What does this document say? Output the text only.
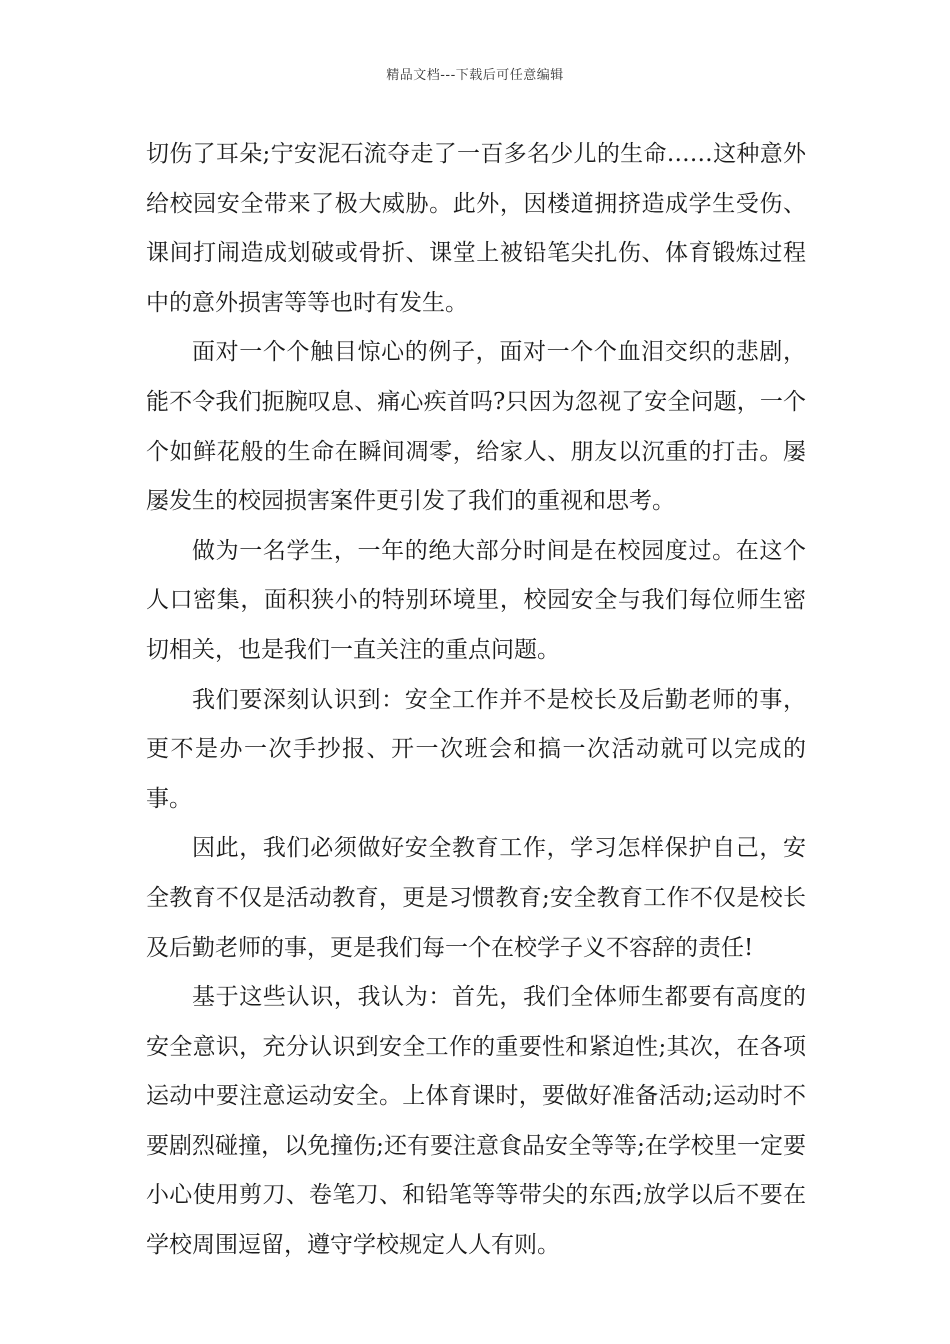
精品文档---下载后可任意编辑

切伤了耳朵;宁安泥石流夺走了一百多名少儿的生命……这种意外给校园安全带来了极大威胁。此外，因楼道拥挤造成学生受伤、课间打闹造成划破或骨折、课堂上被铅笔尖扎伤、体育锻炼过程中的意外损害等等也时有发生。

面对一个个触目惊心的例子，面对一个个血泪交织的悲剧，能不令我们扼腕叹息、痛心疾首吗?只因为忽视了安全问题，一个个如鲜花般的生命在瞬间凋零，给家人、朋友以沉重的打击。屡屡发生的校园损害案件更引发了我们的重视和思考。

做为一名学生，一年的绝大部分时间是在校园度过。在这个人口密集，面积狭小的特别环境里，校园安全与我们每位师生密切相关，也是我们一直关注的重点问题。

我们要深刻认识到：安全工作并不是校长及后勤老师的事，更不是办一次手抄报、开一次班会和搞一次活动就可以完成的事。

因此，我们必须做好安全教育工作，学习怎样保护自己，安全教育不仅是活动教育，更是习惯教育;安全教育工作不仅是校长及后勤老师的事，更是我们每一个在校学子义不容辞的责任!

基于这些认识，我认为：首先，我们全体师生都要有高度的安全意识，充分认识到安全工作的重要性和紧迫性;其次，在各项运动中要注意运动安全。上体育课时，要做好准备活动;运动时不要剧烈碰撞，以免撞伤;还有要注意食品安全等等;在学校里一定要小心使用剪刀、卷笔刀、和铅笔等等带尖的东西;放学以后不要在学校周围逗留，遵守学校规定人人有则。
